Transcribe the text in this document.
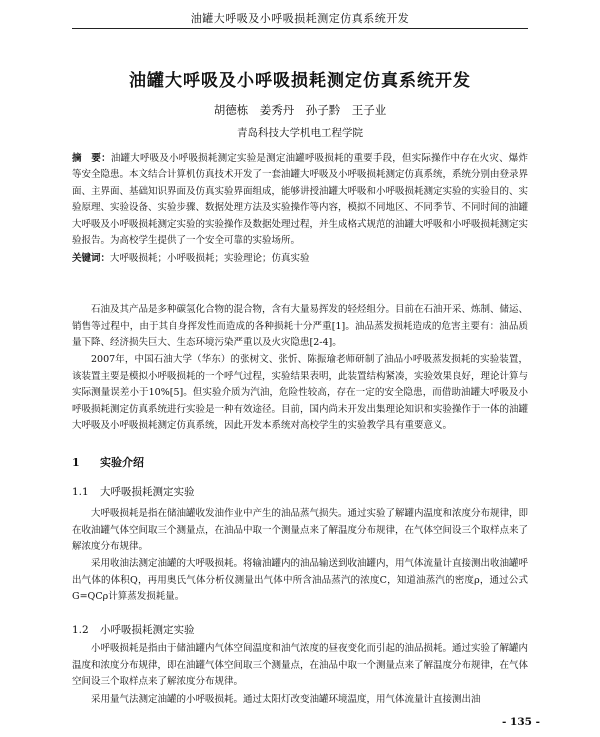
油罐大呼吸及小呼吸损耗测定仿真系统开发
油罐大呼吸及小呼吸损耗测定仿真系统开发
胡德栋　姜秀丹　孙子黔　王子业
青岛科技大学机电工程学院
摘　要：油罐大呼吸及小呼吸损耗测定实验是测定油罐呼吸损耗的重要手段，但实际操作中存在火灾、爆炸等安全隐患。本文结合计算机仿真技术开发了一套油罐大呼吸及小呼吸损耗测定仿真系统，系统分别由登录界面、主界面、基础知识界面及仿真实验界面组成，能够讲授油罐大呼吸和小呼吸损耗测定实验的实验目的、实验原理、实验设备、实验步骤、数据处理方法及实验操作等内容，模拟不同地区、不同季节、不同时间的油罐大呼吸及小呼吸损耗测定实验的实验操作及数据处理过程，并生成格式规范的油罐大呼吸和小呼吸损耗测定实验报告。为高校学生提供了一个安全可靠的实验场所。
关键词：大呼吸损耗；小呼吸损耗；实验理论；仿真实验

石油及其产品是多种碳氢化合物的混合物，含有大量易挥发的轻烃组分。目前在石油开采、炼制、储运、销售等过程中，由于其自身挥发性而造成的各种损耗十分严重[1]。油品蒸发损耗造成的危害主要有：油品质量下降、经济损失巨大、生态环境污染严重以及火灾隐患[2-4]。

2007年，中国石油大学（华东）的张树文、张忻、陈振瑜老师研制了油品小呼吸蒸发损耗的实验装置，该装置主要是模拟小呼吸损耗的一个呼气过程，实验结果表明，此装置结构紧凑，实验效果良好，理论计算与实际测量误差小于10%[5]。但实验介质为汽油，危险性较高，存在一定的安全隐患，而借助油罐大呼吸及小呼吸损耗测定仿真系统进行实验是一种有效途径。目前，国内尚未开发出集理论知识和实验操作于一体的油罐大呼吸及小呼吸损耗测定仿真系统，因此开发本系统对高校学生的实验教学具有重要意义。

1 实验介绍
1.1 大呼吸损耗测定实验

大呼吸损耗是指在储油罐收发油作业中产生的油品蒸气损失。通过实验了解罐内温度和浓度分布规律，即在收油罐气体空间取三个测量点，在油品中取一个测量点来了解温度分布规律，在气体空间设三个取样点来了解浓度分布规律。

采用收油法测定油罐的大呼吸损耗。将输油罐内的油品输送到收油罐内，用气体流量计直接测出收油罐呼出气体的体积Q，再用奥氏气体分析仪测量出气体中所含油品蒸汽的浓度C，知道油蒸汽的密度ρ，通过公式G=QCρ计算蒸发损耗量。

1.2 小呼吸损耗测定实验

小呼吸损耗是指由于储油罐内气体空间温度和油气浓度的昼夜变化而引起的油品损耗。通过实验了解罐内温度和浓度分布规律，即在油罐气体空间取三个测量点，在油品中取一个测量点来了解温度分布规律，在气体空间设三个取样点来了解浓度分布规律。

采用量气法测定油罐的小呼吸损耗。通过太阳灯改变油罐环境温度，用气体流量计直接测出油

- 135 -
